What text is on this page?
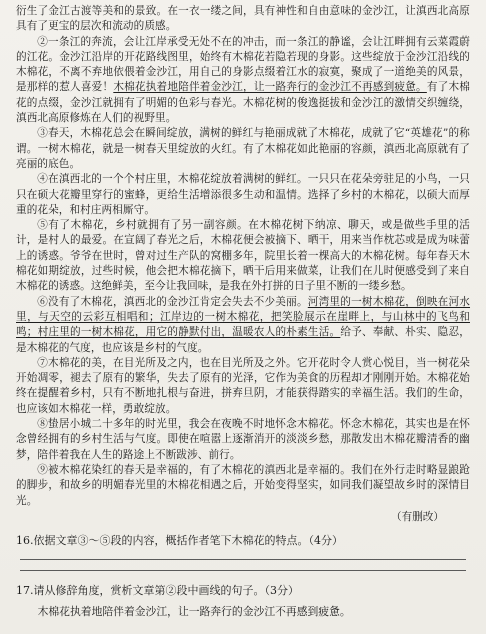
衍生了金江古渡等美和的景致。在一衣一缕之间，具有神性和自由意味的金沙江，让滇西北高原具有了更宝的层次和流动的质感。

②一条江的奔流，会让江岸承受无处不在的冲击，而一条江的静谧，会让江畔拥有云菜霞蔚的江花。金沙江沿岸的开花路线图里，始终有木棉花若隐若现的身影。这些绽放于金沙江沿线的木棉花，不离不弃地依偎着金沙江，用自己的身影点缀着江水的寂寞，聚成了一道绝美的风景，是那样的惹人喜爱！木棉花执着地陪伴着金沙江，让一路奔行的金沙江不再感到疲惫。有了木棉花的点缀，金沙江就拥有了明媚的色彩与春光。木棉花树的俊逸挺拔和金沙江的激情交织缠绕，滇西北高原修炼在人们的视野里。

③春天，木棉花总会在瞬间绽放，满树的鲜红与艳丽成就了木棉花，成就了它“英雄花”的称谓。一树木棉花，就是一树春天里绽放的火红。有了木棉花如此艳丽的容颜，滇西北高原就有了亮丽的底色。

④在滇西北的一个个村庄里，木棉花绽放着满树的鲜红。一只只在花朵旁驻足的小鸟，一只只在硕大花瓣里穿行的蜜蜂，更给生活增添很多生动和温情。选择了乡村的木棉花，以硕大而厚重的花朵，和村庄两相厮守。

⑤有了木棉花，乡村就拥有了另一副容颜。在木棉花树下纳凉、聊天，或是做些手里的活计，是村人的最爱。在宣阔了春光之后，木棉花便会被摘下、晒干，用来当作枕芯或是成为味蕾上的诱惑。爷爷在世时，曾对过生产队的窝棚多年，院里长着一棵高大的木棉花树。每年春天木棉花如期绽放，过些时候，他会把木棉花摘下，晒干后用来做菜，让我们在儿时便感受到了来自木棉花的诱惑。这绝鲜美，至今让我回味，是我在外打拼的日子里不断的一缕乡愁。

⑥没有了木棉花，滇西北的金沙江肯定会失去不少美丽。河湾里的一树木棉花，倒映在河水里，与天空的云彩互相唱和；江岸边的一树木棉花，把笑脸展示在崖畔上，与山林中的飞鸟和鸣；村庄里的一树木棉花，用它的静默付出，温暖农人的朴素生活。给予、奉献、朴实、隐忍，是木棉花的气度，也应该是乡村的气度。

⑦木棉花的美，在目光所及之内，也在目光所及之外。它开花时令人赏心悦目，当一树花朵开始凋零，褪去了原有的繁华，失去了原有的光泽，它作为美食的历程却才刚刚开始。木棉花始终在提醒着乡村，只有不断地扎根与奋进，拼弃旦阴，才能获得踏实的幸福生活。我们的生命，也应该如木棉花一样，勇敢绽放。

⑧蛰居小城二十多年的时光里，我会在夜晚不时地怀念木棉花。怀念木棉花，其实也是在怀念曾经拥有的乡村生活与气度。即使在喧嚣上逐渐消开的淡淡乡愁，那散发出木棉花瓣清香的幽梦，陪伴着我在人生的路途上不断跋涉、前行。

⑨被木棉花染红的春天是幸福的，有了木棉花的滇西北是幸福的。我们在外行走时略显踉跄的脚步，和故乡的明媚春光里的木棉花相遇之后，开始变得坚实，如同我们凝望故乡时的深情目光。

（有删改）

16.依据文章③～⑤段的内容，概括作者笔下木棉花的特点。（4分）

17.请从修辞角度，赏析文章第②段中画线的句子。（3分）

木棉花执着地陪伴着金沙江，让一路奔行的金沙江不再感到疲惫。
